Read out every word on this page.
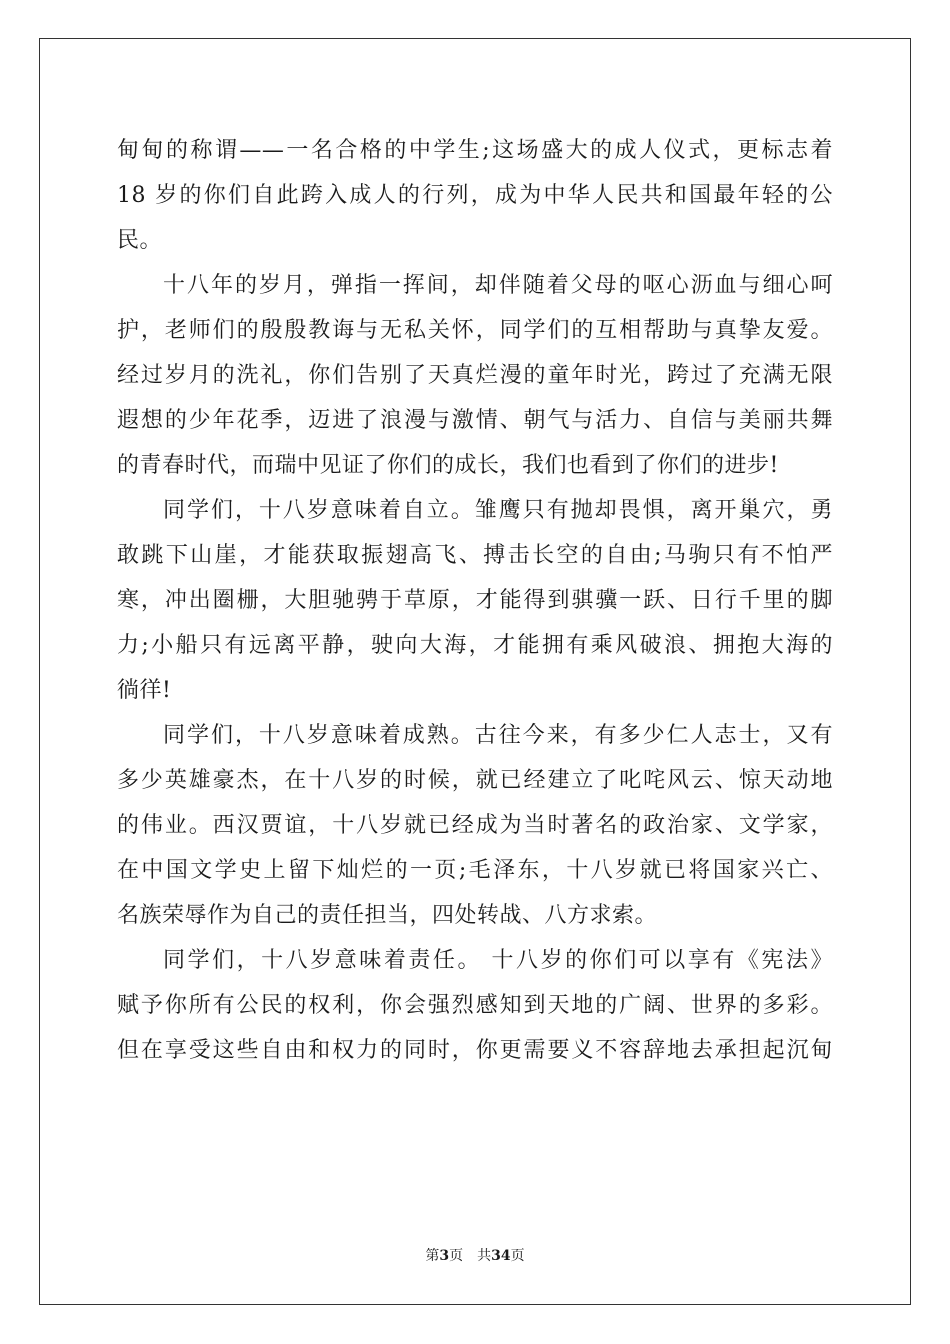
甸甸的称谓——一名合格的中学生;这场盛大的成人仪式，更标志着
18 岁的你们自此跨入成人的行列，成为中华人民共和国最年轻的公
民。
十八年的岁月，弹指一挥间，却伴随着父母的呕心沥血与细心呵
护，老师们的殷殷教诲与无私关怀，同学们的互相帮助与真挚友爱。
经过岁月的洗礼，你们告别了天真烂漫的童年时光，跨过了充满无限
遐想的少年花季，迈进了浪漫与激情、朝气与活力、自信与美丽共舞
的青春时代，而瑞中见证了你们的成长，我们也看到了你们的进步!
同学们，十八岁意味着自立。雏鹰只有抛却畏惧，离开巢穴，勇
敢跳下山崖，才能获取振翅高飞、搏击长空的自由;马驹只有不怕严
寒，冲出圈栅，大胆驰骋于草原，才能得到骐骥一跃、日行千里的脚
力;小船只有远离平静，驶向大海，才能拥有乘风破浪、拥抱大海的
徜徉!
同学们，十八岁意味着成熟。古往今来，有多少仁人志士，又有
多少英雄豪杰，在十八岁的时候，就已经建立了叱咤风云、惊天动地
的伟业。西汉贾谊，十八岁就已经成为当时著名的政治家、文学家，
在中国文学史上留下灿烂的一页;毛泽东，十八岁就已将国家兴亡、
名族荣辱作为自己的责任担当，四处转战、八方求索。
同学们，十八岁意味着责任。 十八岁的你们可以享有《宪法》
赋予你所有公民的权利，你会强烈感知到天地的广阔、世界的多彩。
但在享受这些自由和权力的同时，你更需要义不容辞地去承担起沉甸
第3页 共34页
